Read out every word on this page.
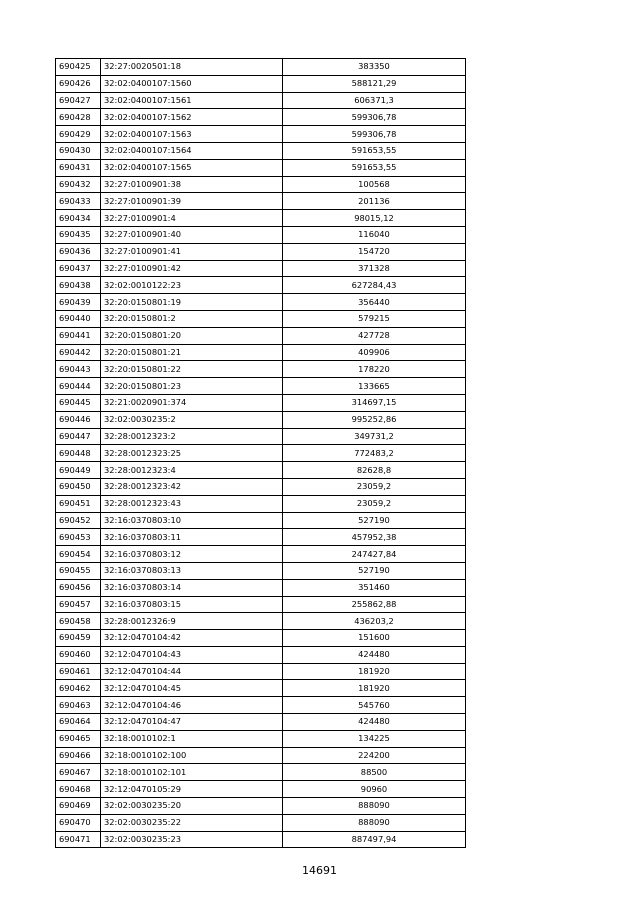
690425	32:27:0020501:18	383350
690426	32:02:0400107:1560	588121,29
690427	32:02:0400107:1561	606371,3
690428	32:02:0400107:1562	599306,78
690429	32:02:0400107:1563	599306,78
690430	32:02:0400107:1564	591653,55
690431	32:02:0400107:1565	591653,55
690432	32:27:0100901:38	100568
690433	32:27:0100901:39	201136
690434	32:27:0100901:4	98015,12
690435	32:27:0100901:40	116040
690436	32:27:0100901:41	154720
690437	32:27:0100901:42	371328
690438	32:02:0010122:23	627284,43
690439	32:20:0150801:19	356440
690440	32:20:0150801:2	579215
690441	32:20:0150801:20	427728
690442	32:20:0150801:21	409906
690443	32:20:0150801:22	178220
690444	32:20:0150801:23	133665
690445	32:21:0020901:374	314697,15
690446	32:02:0030235:2	995252,86
690447	32:28:0012323:2	349731,2
690448	32:28:0012323:25	772483,2
690449	32:28:0012323:4	82628,8
690450	32:28:0012323:42	23059,2
690451	32:28:0012323:43	23059,2
690452	32:16:0370803:10	527190
690453	32:16:0370803:11	457952,38
690454	32:16:0370803:12	247427,84
690455	32:16:0370803:13	527190
690456	32:16:0370803:14	351460
690457	32:16:0370803:15	255862,88
690458	32:28:0012326:9	436203,2
690459	32:12:0470104:42	151600
690460	32:12:0470104:43	424480
690461	32:12:0470104:44	181920
690462	32:12:0470104:45	181920
690463	32:12:0470104:46	545760
690464	32:12:0470104:47	424480
690465	32:18:0010102:1	134225
690466	32:18:0010102:100	224200
690467	32:18:0010102:101	88500
690468	32:12:0470105:29	90960
690469	32:02:0030235:20	888090
690470	32:02:0030235:22	888090
690471	32:02:0030235:23	887497,94
14691
